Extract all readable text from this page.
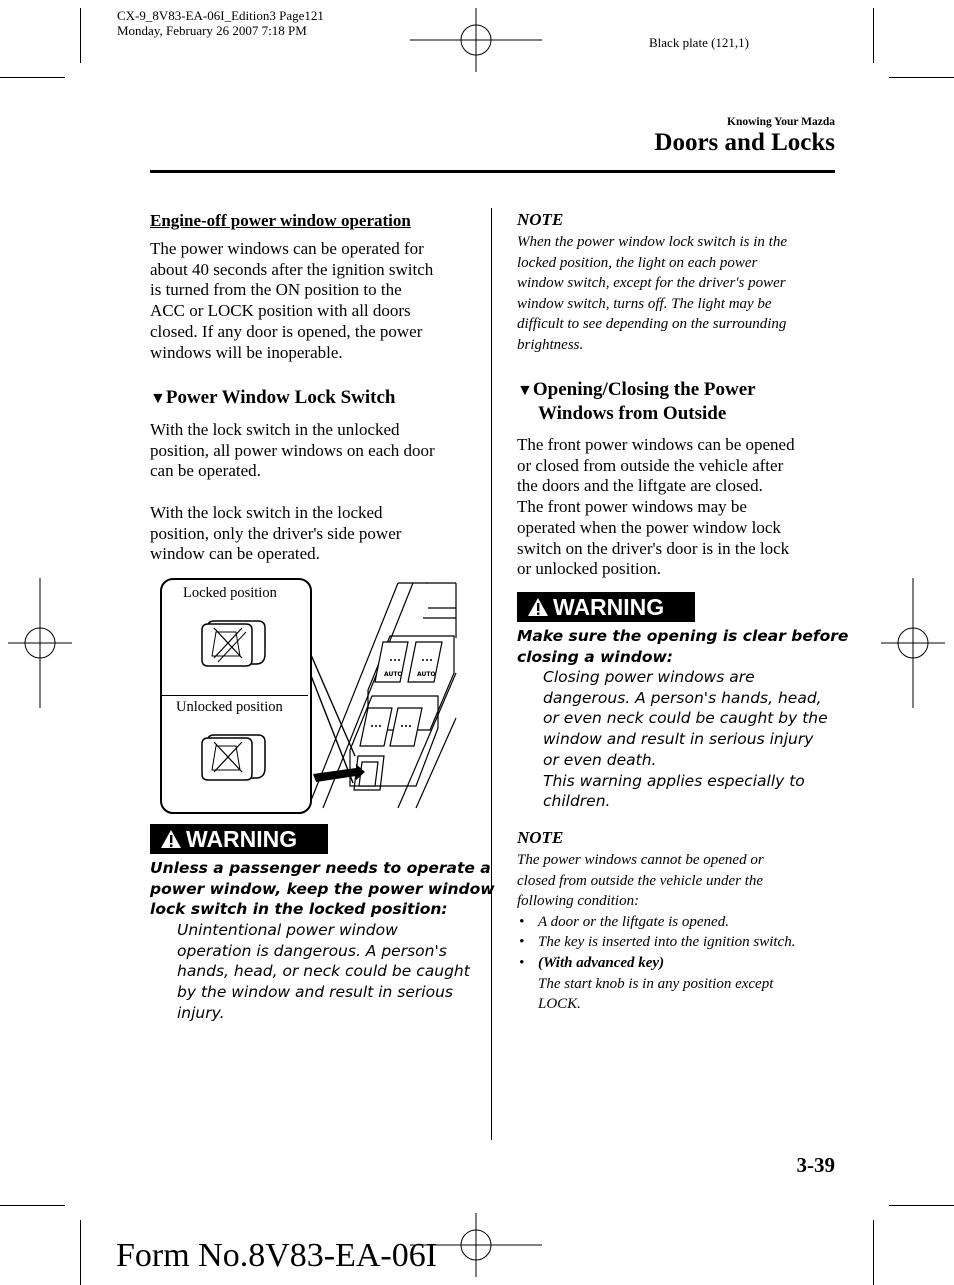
CX-9_8V83-EA-06I_Edition3 Page121
Monday, February 26 2007 7:18 PM
Black plate (121,1)
Knowing Your Mazda
Doors and Locks
Engine-off power window operation
The power windows can be operated for
about 40 seconds after the ignition switch
is turned from the ON position to the
ACC or LOCK position with all doors
closed. If any door is opened, the power
windows will be inoperable.
▼Power Window Lock Switch
With the lock switch in the unlocked
position, all power windows on each door
can be operated.
With the lock switch in the locked
position, only the driver's side power
window can be operated.
AUTO AUTO
Locked position
Unlocked position
WARNING
Unless a passenger needs to operate a
power window, keep the power window
lock switch in the locked position:
Unintentional power window
operation is dangerous. A person's
hands, head, or neck could be caught
by the window and result in serious
injury.
NOTE
When the power window lock switch is in the
locked position, the light on each power
window switch, except for the driver's power
window switch, turns off. The light may be
difficult to see depending on the surrounding
brightness.
▼Opening/Closing the Power
Windows from Outside
The front power windows can be opened
or closed from outside the vehicle after
the doors and the liftgate are closed.
The front power windows may be
operated when the power window lock
switch on the driver's door is in the lock
or unlocked position.
WARNING
Make sure the opening is clear before
closing a window:
Closing power windows are
dangerous. A person's hands, head,
or even neck could be caught by the
window and result in serious injury
or even death.
This warning applies especially to
children.
NOTE
The power windows cannot be opened or
closed from outside the vehicle under the
following condition:
• A door or the liftgate is opened.
• The key is inserted into the ignition switch.
• (With advanced key)
The start knob is in any position except
LOCK.
3-39
Form No.8V83-EA-06I
